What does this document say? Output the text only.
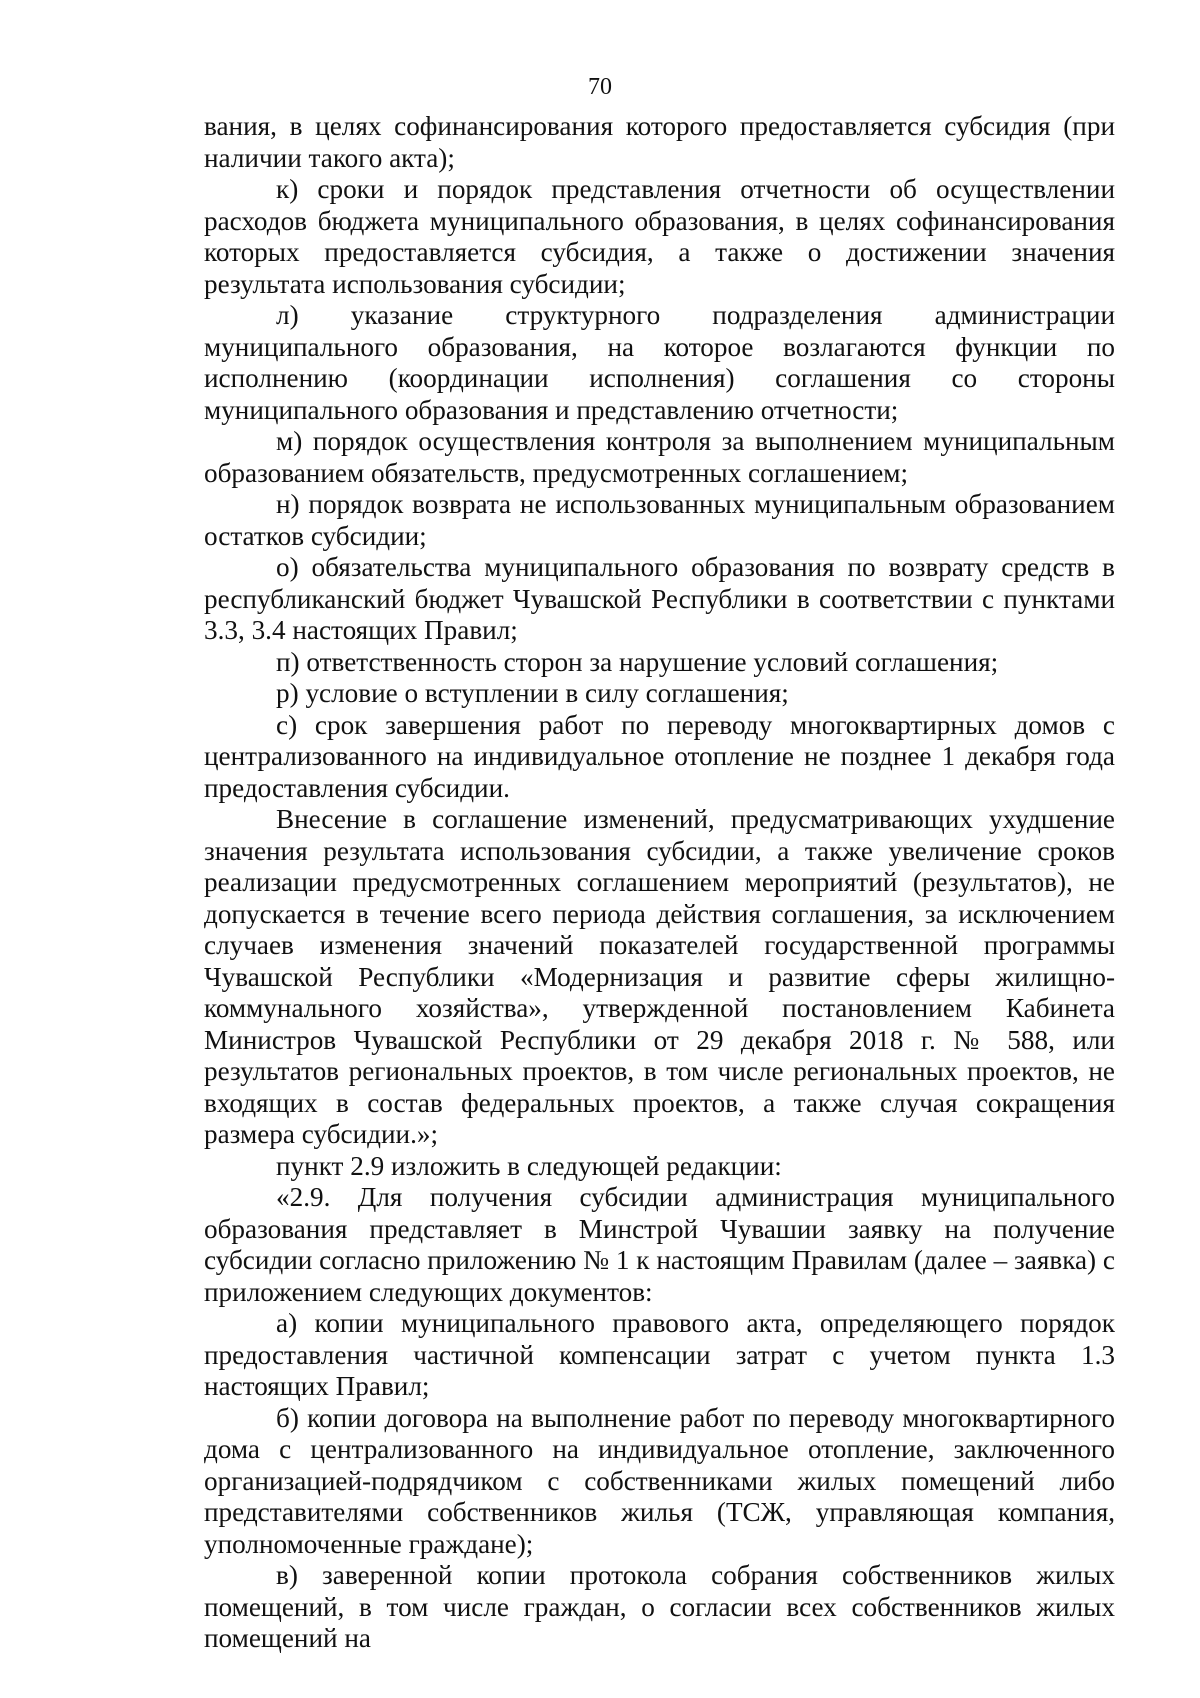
70

вания, в целях софинансирования которого предоставляется субсидия (при наличии такого акта);

к) сроки и порядок представления отчетности об осуществлении расходов бюджета муниципального образования, в целях софинансирования которых предоставляется субсидия, а также о достижении значения результата использования субсидии;

л) указание структурного подразделения администрации муниципального образования, на которое возлагаются функции по исполнению (координации исполнения) соглашения со стороны муниципального образования и представлению отчетности;

м) порядок осуществления контроля за выполнением муниципальным образованием обязательств, предусмотренных соглашением;

н) порядок возврата не использованных муниципальным образованием остатков субсидии;

о) обязательства муниципального образования по возврату средств в республиканский бюджет Чувашской Республики в соответствии с пунктами 3.3, 3.4 настоящих Правил;

п) ответственность сторон за нарушение условий соглашения;

р) условие о вступлении в силу соглашения;

с) срок завершения работ по переводу многоквартирных домов с централизованного на индивидуальное отопление не позднее 1 декабря года предоставления субсидии.

Внесение в соглашение изменений, предусматривающих ухудшение значения результата использования субсидии, а также увеличение сроков реализации предусмотренных соглашением мероприятий (результатов), не допускается в течение всего периода действия соглашения, за исключением случаев изменения значений показателей государственной программы Чувашской Республики «Модернизация и развитие сферы жилищно-коммунального хозяйства», утвержденной постановлением Кабинета Министров Чувашской Республики от 29 декабря 2018 г. № 588, или результатов региональных проектов, в том числе региональных проектов, не входящих в состав федеральных проектов, а также случая сокращения размера субсидии.»;

пункт 2.9 изложить в следующей редакции:

«2.9. Для получения субсидии администрация муниципального образования представляет в Минстрой Чувашии заявку на получение субсидии согласно приложению № 1 к настоящим Правилам (далее – заявка) с приложением следующих документов:

а) копии муниципального правового акта, определяющего порядок предоставления частичной компенсации затрат с учетом пункта 1.3 настоящих Правил;

б) копии договора на выполнение работ по переводу многоквартирного дома с централизованного на индивидуальное отопление, заключенного организацией-подрядчиком с собственниками жилых помещений либо представителями собственников жилья (ТСЖ, управляющая компания, уполномоченные граждане);

в) заверенной копии протокола собрания собственников жилых помещений, в том числе граждан, о согласии всех собственников жилых помещений на
